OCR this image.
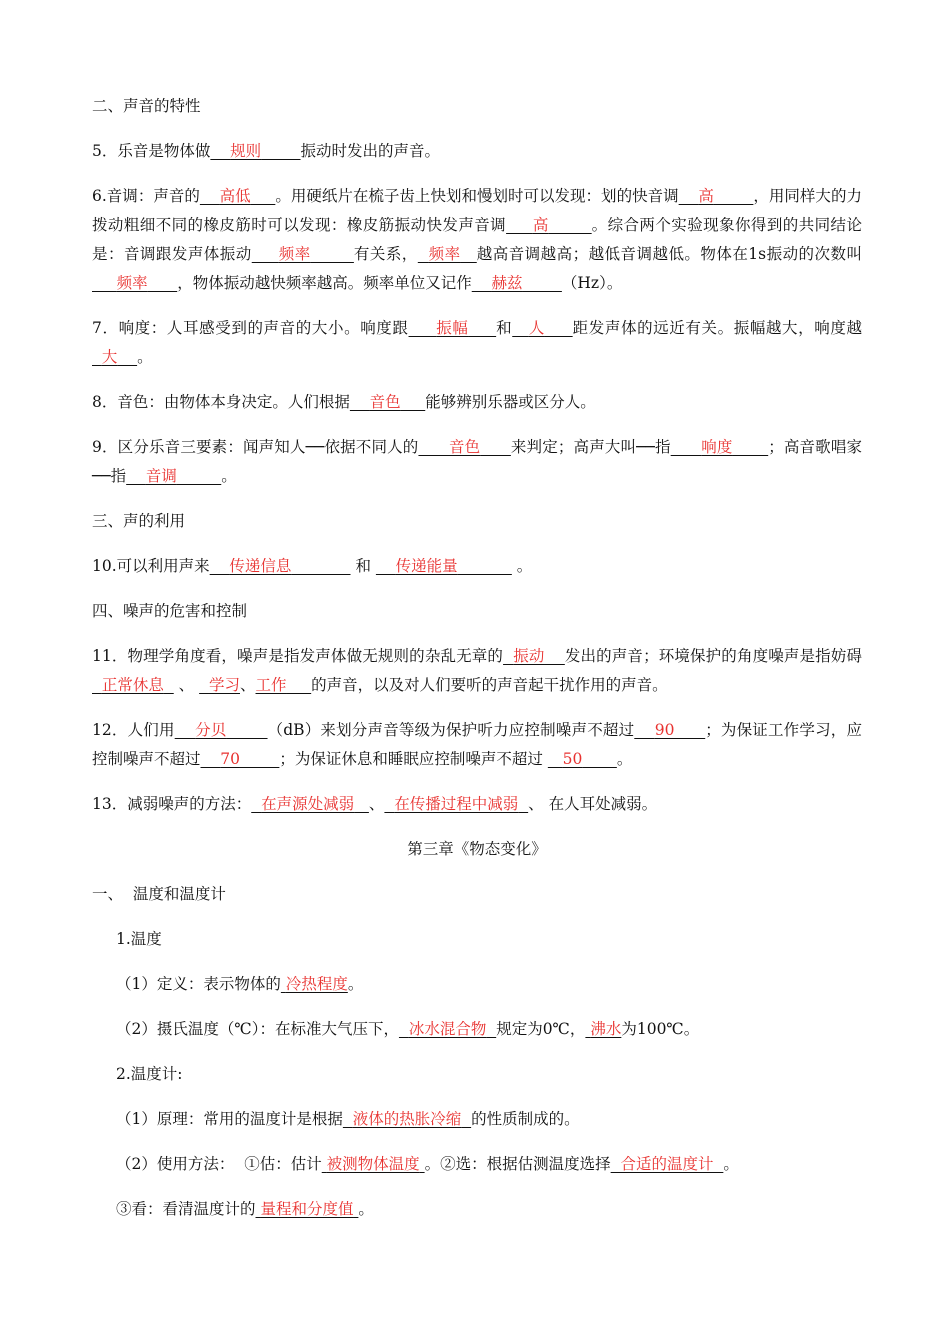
二、声音的特性

5．乐音是物体做 规则	振动时发出的声音。

6.音调：声音的 高低 。用硬纸片在梳子齿上快划和慢划时可以发现：划的快音调 高	，用同样大的力拨动粗细不同的橡皮筋时可以发现：橡皮筋振动快发声音调 高	。综合两个实验现象你得到的共同结论是：音调跟发声体振动 频率	有关系， 频率 越高音调越高；越低音调越低。物体在1s振动的次数叫     频率 ，物体振动越快频率越高。频率单位又记作 赫兹	（Hz）。

7．响度：人耳感受到的声音的大小。响度跟 振幅 和 人 距发声体的远近有关。振幅越大，响度越  大 。

8．音色：由物体本身决定。人们根据 音色 能够辨别乐器或区分人。

9．区分乐音三要素：闻声知人──依据不同人的 音色 来判定；高声大叫──指 响度 ；高音歌唱家──指 音调	。

三、声的利用

10.可以利用声来 传递信息	和 传递能量	。

四、噪声的危害和控制

11．物理学角度看，噪声是指发声体做无规则的杂乱无章的 振动 发出的声音；环境保护的角度噪声是指妨碍  正常休息 、 学习、工作 的声音，以及对人们要听的声音起干扰作用的声音。

12．人们用 分贝	（dB）来划分声音等级为保护听力应控制噪声不超过 90 ；为保证工作学习，应控制噪声不超过 70	；为保证休息和睡眠应控制噪声不超过 50 。

13．减弱噪声的方法： 在声源处减弱 、 在传播过程中减弱 、 在人耳处减弱。

第三章《物态变化》

一、  温度和温度计

1.温度

（1）定义：表示物体的 冷热程度。

（2）摄氏温度（℃）：在标准大气压下， 冰水混合物 规定为0℃， 沸水为100℃。

2.温度计:

（1）原理：常用的温度计是根据 液体的热胀冷缩 的性质制成的。

（2）使用方法：  ①估：估计 被测物体温度 。②选：根据估测温度选择 合适的温度计 。

③看：看清温度计的 量程和分度值 。
